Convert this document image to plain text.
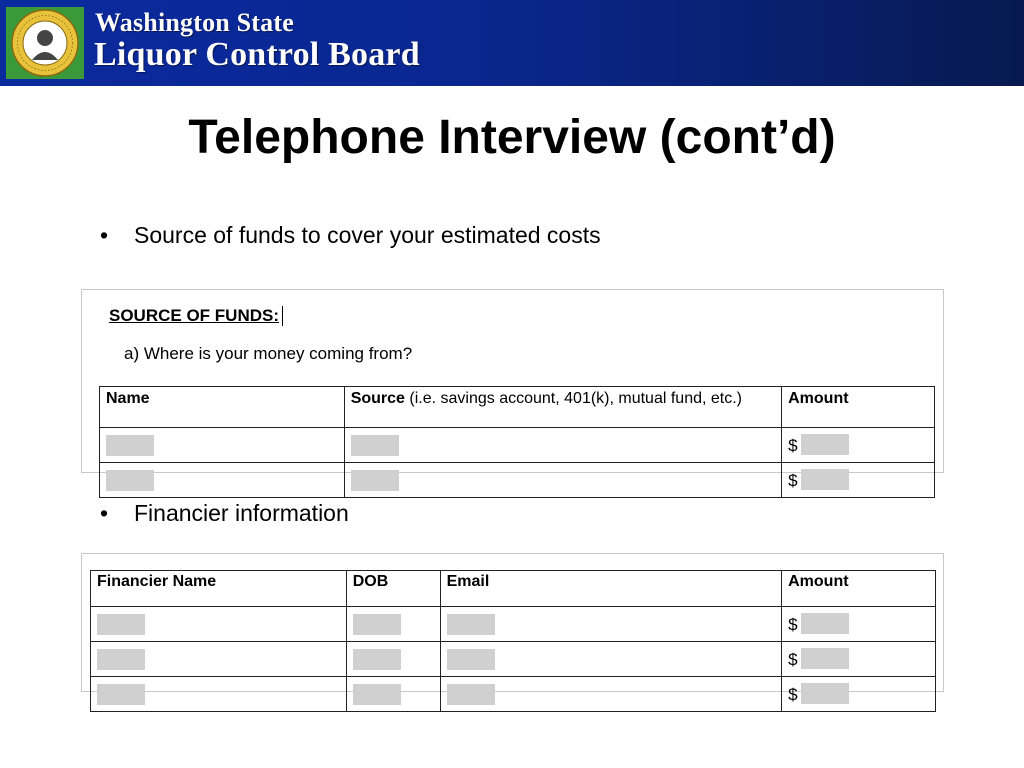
Washington State
Liquor Control Board
Telephone Interview (cont’d)
• Source of funds to cover your estimated costs
SOURCE OF FUNDS:
a) Where is your money coming from?
Name	Source (i.e. savings account, 401(k), mutual fund, etc.)	Amount
		$
		$
• Financier information
Financier Name	DOB	Email	Amount
			$
			$
			$
